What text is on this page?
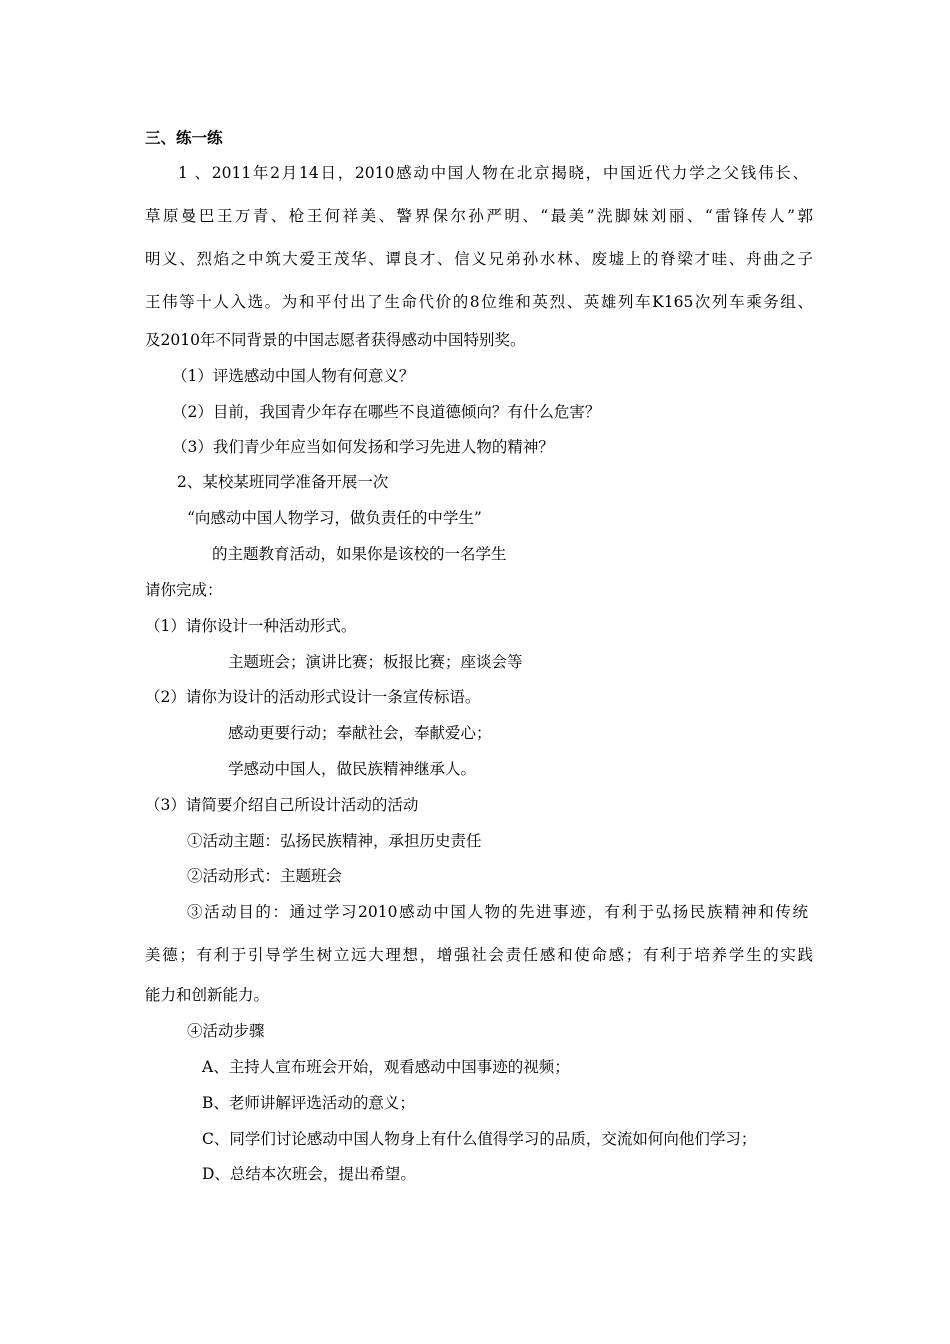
三、练一练
1 、2011年2月14日，2010感动中国人物在北京揭晓，中国近代力学之父钱伟长、
草原曼巴王万青、枪王何祥美、警界保尔孙严明、“最美”洗脚妹刘丽、“雷锋传人”郭
明义、烈焰之中筑大爱王茂华、谭良才、信义兄弟孙水林、废墟上的脊梁才哇、舟曲之子
王伟等十人入选。为和平付出了生命代价的8位维和英烈、英雄列车K165次列车乘务组、
及2010年不同背景的中国志愿者获得感动中国特别奖。
（1）评选感动中国人物有何意义？
（2）目前，我国青少年存在哪些不良道德倾向？有什么危害？
（3）我们青少年应当如何发扬和学习先进人物的精神？
2、某校某班同学准备开展一次
“向感动中国人物学习，做负责任的中学生”
的主题教育活动，如果你是该校的一名学生
请你完成：
（1）请你设计一种活动形式。
主题班会；演讲比赛；板报比赛；座谈会等
（2）请你为设计的活动形式设计一条宣传标语。
感动更要行动；奉献社会，奉献爱心；
学感动中国人，做民族精神继承人。
（3）请简要介绍自己所设计活动的活动
①活动主题：弘扬民族精神，承担历史责任
②活动形式：主题班会
③活动目的：通过学习2010感动中国人物的先进事迹，有利于弘扬民族精神和传统
美德；有利于引导学生树立远大理想，增强社会责任感和使命感；有利于培养学生的实践
能力和创新能力。
④活动步骤
A、主持人宣布班会开始，观看感动中国事迹的视频；
B、老师讲解评选活动的意义；
C、同学们讨论感动中国人物身上有什么值得学习的品质，交流如何向他们学习；
D、总结本次班会，提出希望。
